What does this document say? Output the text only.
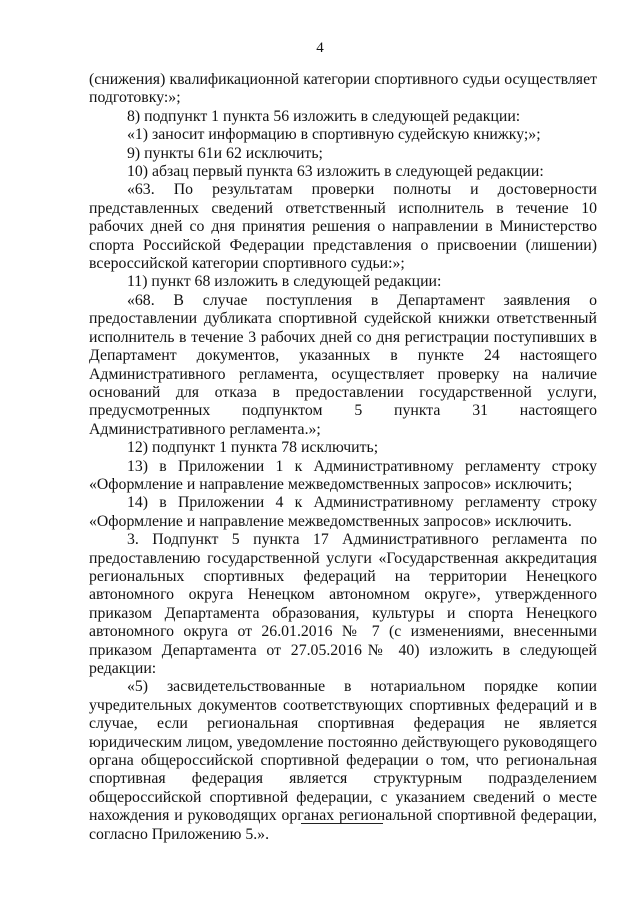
4

(снижения) квалификационной категории спортивного судьи осуществляет подготовку:»;

8) подпункт 1 пункта 56 изложить в следующей редакции:

«1) заносит информацию в спортивную судейскую книжку;»;

9) пункты 61и 62 исключить;

10) абзац первый пункта 63 изложить в следующей редакции:

«63. По результатам проверки полноты и достоверности представленных сведений ответственный исполнитель в течение 10 рабочих дней со дня принятия решения о направлении в Министерство спорта Российской Федерации представления о присвоении (лишении) всероссийской категории спортивного судьи:»;

11) пункт 68 изложить в следующей редакции:

«68. В случае поступления в Департамент заявления о предоставлении дубликата спортивной судейской книжки ответственный исполнитель в течение 3 рабочих дней со дня регистрации поступивших в Департамент документов, указанных в пункте 24 настоящего Административного регламента, осуществляет проверку на наличие оснований для отказа в предоставлении государственной услуги, предусмотренных подпунктом 5 пункта 31 настоящего Административного регламента.»;

12) подпункт 1 пункта 78 исключить;

13) в Приложении 1 к Административному регламенту строку «Оформление и направление межведомственных запросов» исключить;

14) в Приложении 4 к Административному регламенту строку «Оформление и направление межведомственных запросов» исключить.

3. Подпункт 5 пункта 17 Административного регламента по предоставлению государственной услуги «Государственная аккредитация региональных спортивных федераций на территории Ненецкого автономного округа Ненецком автономном округе», утвержденного приказом Департамента образования, культуры и спорта Ненецкого автономного округа от 26.01.2016 № 7 (с изменениями, внесенными приказом Департамента от 27.05.2016№ 40) изложить в следующей редакции:

«5) засвидетельствованные в нотариальном порядке копии учредительных документов соответствующих спортивных федераций и в случае, если региональная спортивная федерация не является юридическим лицом, уведомление постоянно действующего руководящего органа общероссийской спортивной федерации о том, что региональная спортивная федерация является структурным подразделением общероссийской спортивной федерации, с указанием сведений о месте нахождения и руководящих органах региональной спортивной федерации, согласно Приложению 5.».
